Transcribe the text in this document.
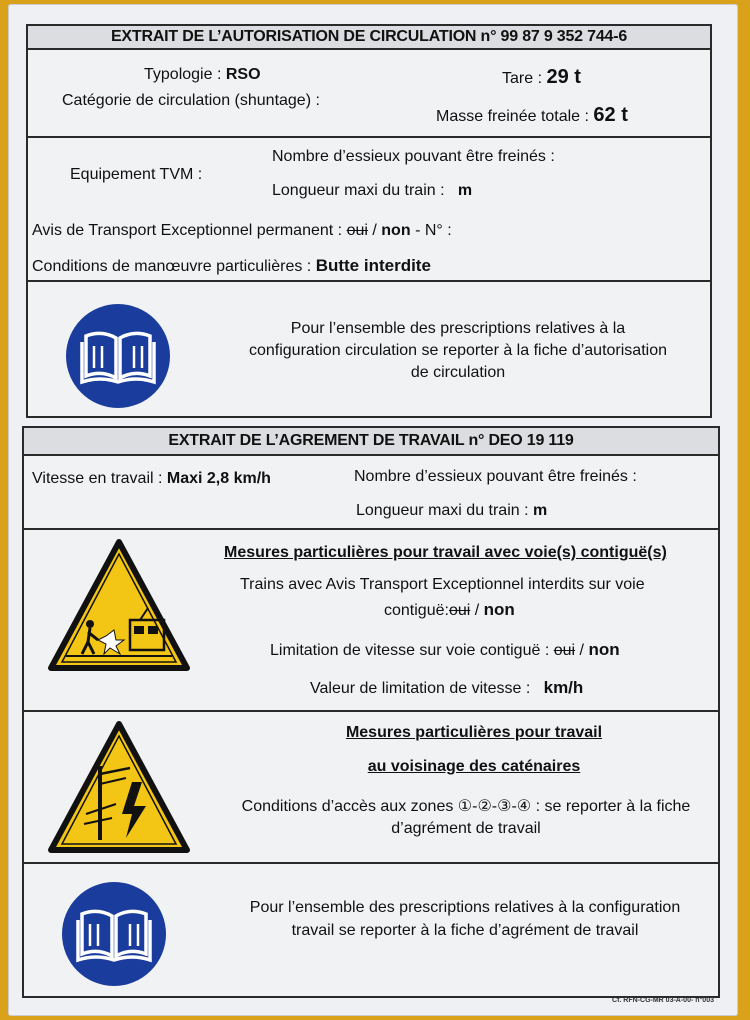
EXTRAIT DE L’AUTORISATION DE CIRCULATION n° 99 87 9 352 744-6
Typologie : RSO	Tare : 29 t
Catégorie de circulation (shuntage) :
Masse freinée totale : 62 t
Nombre d’essieux pouvant être freinés :
Equipement TVM :
Longueur maxi du train : m
Avis de Transport Exceptionnel permanent : oui / non - N° :
Conditions de manœuvre particulières : Butte interdite
Pour l’ensemble des prescriptions relatives à la configuration circulation se reporter à la fiche d’autorisation de circulation
EXTRAIT DE L’AGREMENT DE TRAVAIL n° DEO 19 119
Vitesse en travail : Maxi 2,8 km/h	Nombre d’essieux pouvant être freinés :
Longueur maxi du train : m
Mesures particulières pour travail avec voie(s) contiguë(s)
Trains avec Avis Transport Exceptionnel interdits sur voie
contiguë:oui / non
Limitation de vitesse sur voie contiguë : oui / non
Valeur de limitation de vitesse : km/h
Mesures particulières pour travail
au voisinage des caténaires
Conditions d’accès aux zones ①-②-③-④ : se reporter à la fiche d’agrément de travail
Pour l’ensemble des prescriptions relatives à la configuration travail se reporter à la fiche d’agrément de travail
Cf. RFN-CG-MR 03-A-00- n°003
